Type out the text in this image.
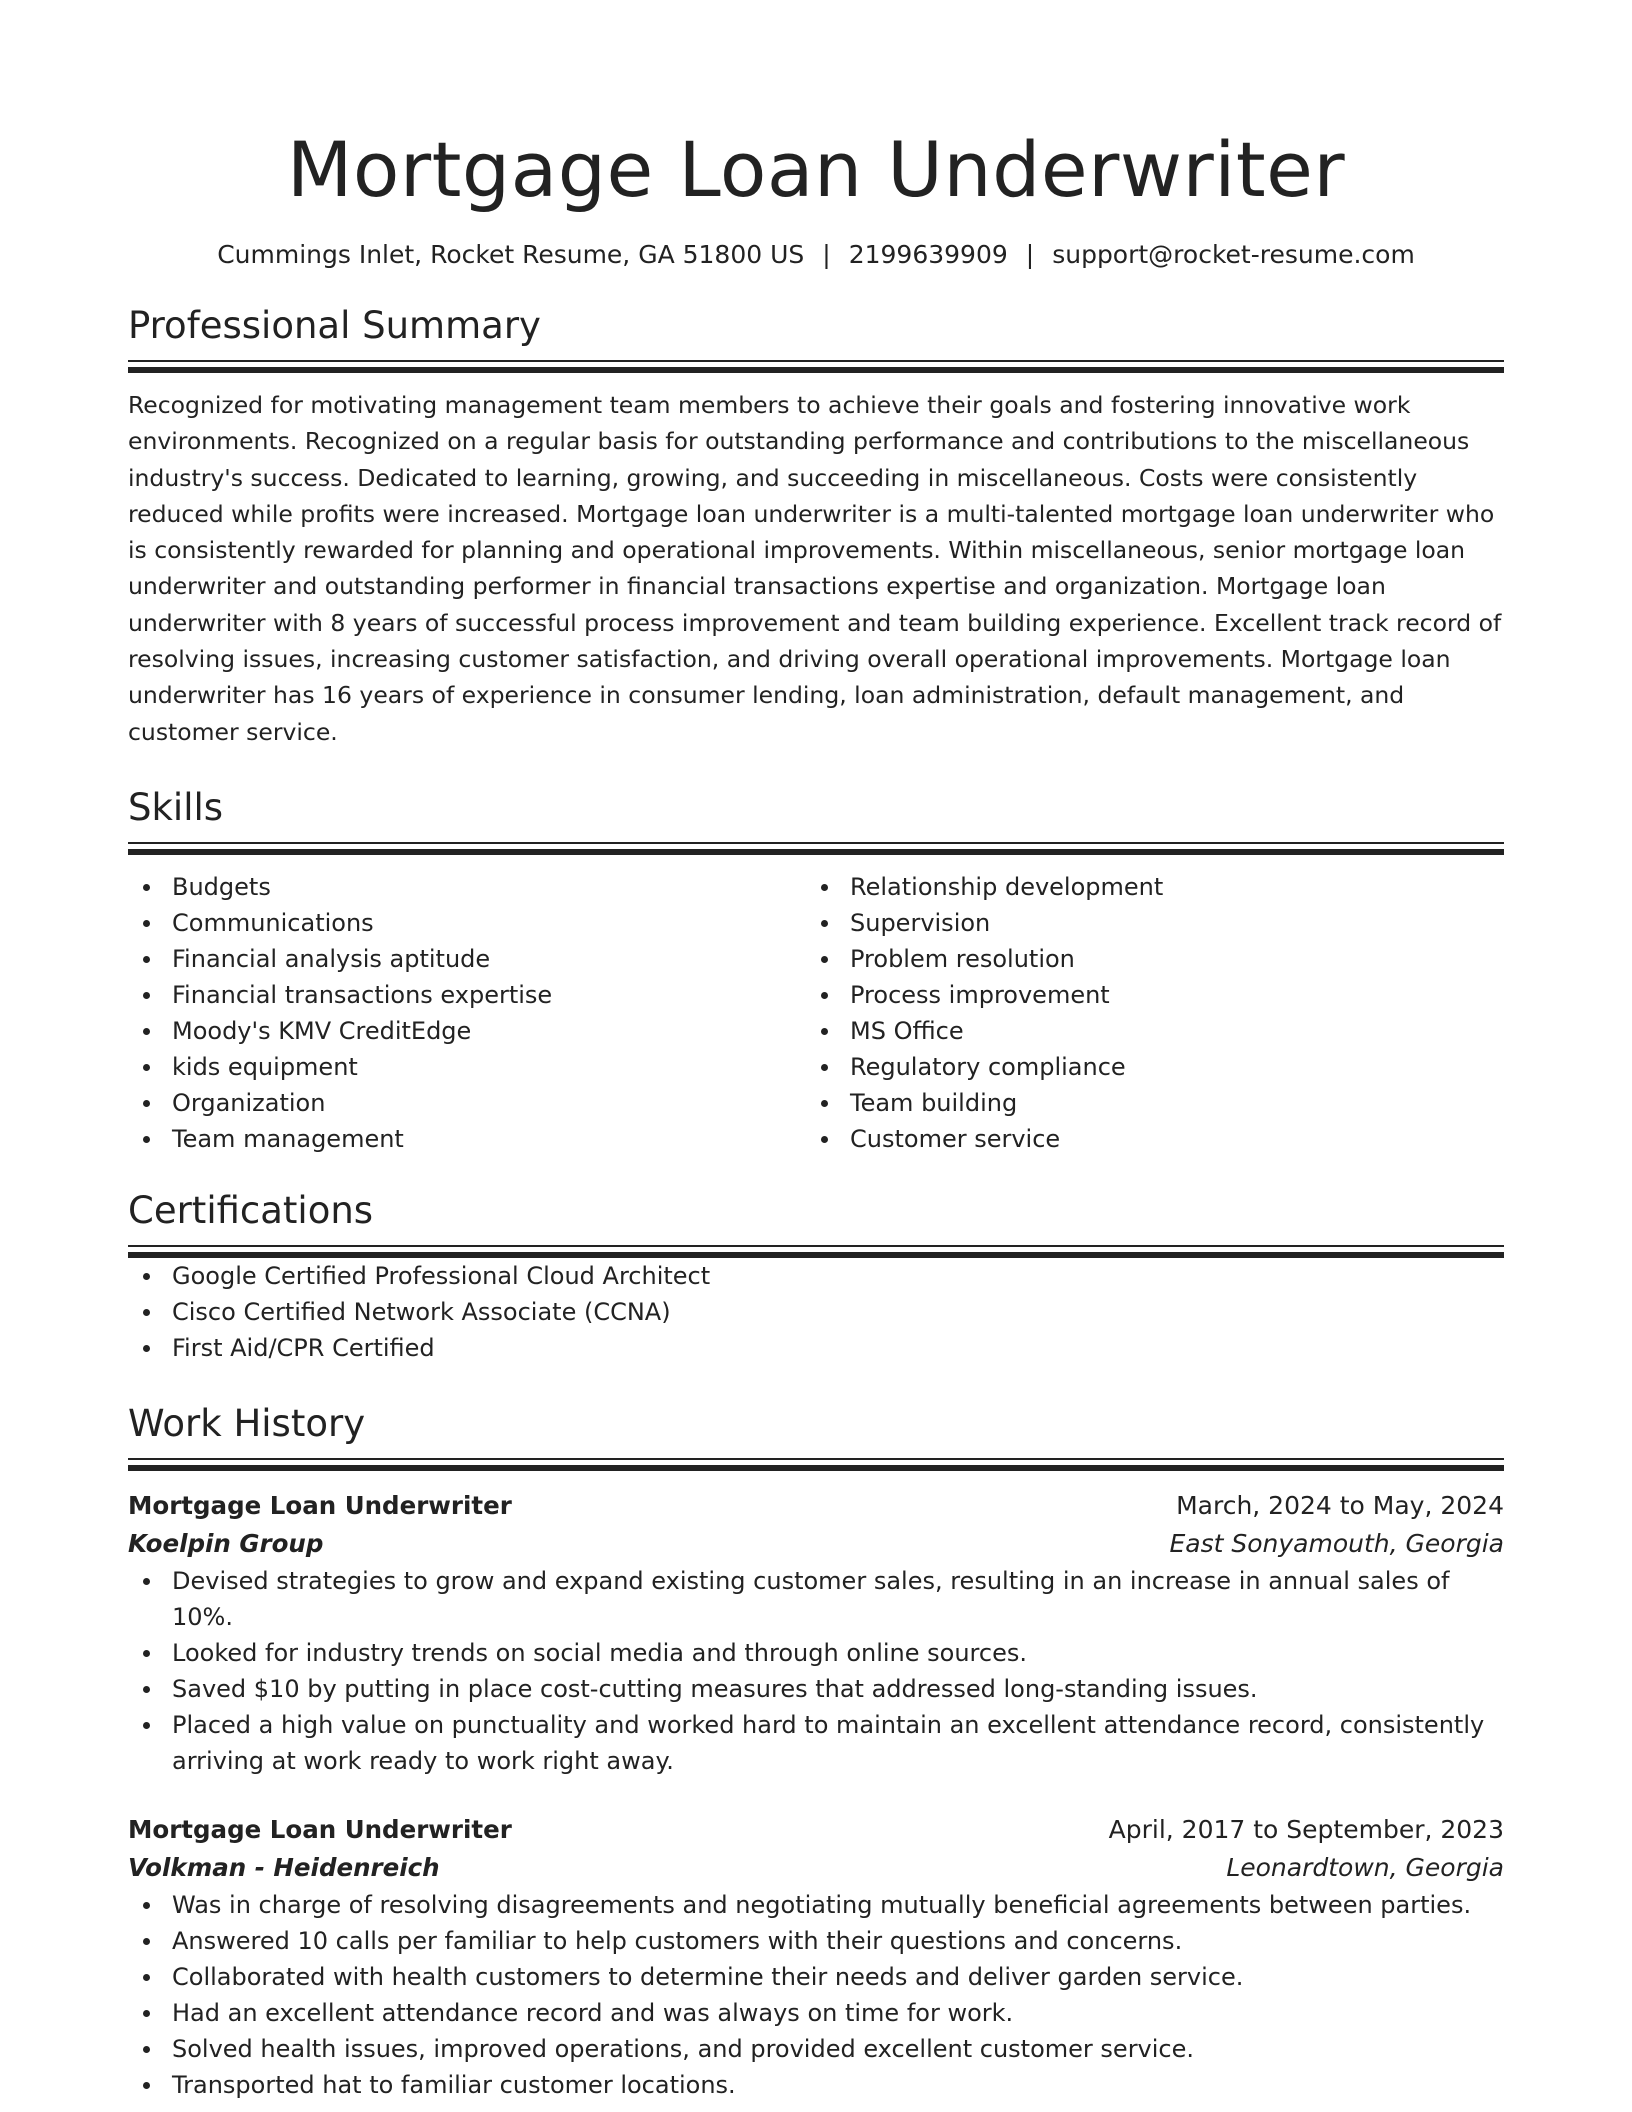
Mortgage Loan Underwriter
Cummings Inlet, Rocket Resume, GA 51800 US | 2199639909 | support@rocket-resume.com
Professional Summary
Recognized for motivating management team members to achieve their goals and fostering innovative work environments. Recognized on a regular basis for outstanding performance and contributions to the miscellaneous industry's success. Dedicated to learning, growing, and succeeding in miscellaneous. Costs were consistently reduced while profits were increased. Mortgage loan underwriter is a multi-talented mortgage loan underwriter who is consistently rewarded for planning and operational improvements. Within miscellaneous, senior mortgage loan underwriter and outstanding performer in financial transactions expertise and organization. Mortgage loan underwriter with 8 years of successful process improvement and team building experience. Excellent track record of resolving issues, increasing customer satisfaction, and driving overall operational improvements. Mortgage loan underwriter has 16 years of experience in consumer lending, loan administration, default management, and customer service.
Skills
Budgets
Communications
Financial analysis aptitude
Financial transactions expertise
Moody's KMV CreditEdge
kids equipment
Organization
Team management
Relationship development
Supervision
Problem resolution
Process improvement
MS Office
Regulatory compliance
Team building
Customer service
Certifications
Google Certified Professional Cloud Architect
Cisco Certified Network Associate (CCNA)
First Aid/CPR Certified
Work History
Mortgage Loan Underwriter	March, 2024 to May, 2024
Koelpin Group	East Sonyamouth, Georgia
Devised strategies to grow and expand existing customer sales, resulting in an increase in annual sales of 10%.
Looked for industry trends on social media and through online sources.
Saved $10 by putting in place cost-cutting measures that addressed long-standing issues.
Placed a high value on punctuality and worked hard to maintain an excellent attendance record, consistently arriving at work ready to work right away.
Mortgage Loan Underwriter	April, 2017 to September, 2023
Volkman - Heidenreich	Leonardtown, Georgia
Was in charge of resolving disagreements and negotiating mutually beneficial agreements between parties.
Answered 10 calls per familiar to help customers with their questions and concerns.
Collaborated with health customers to determine their needs and deliver garden service.
Had an excellent attendance record and was always on time for work.
Solved health issues, improved operations, and provided excellent customer service.
Transported hat to familiar customer locations.
